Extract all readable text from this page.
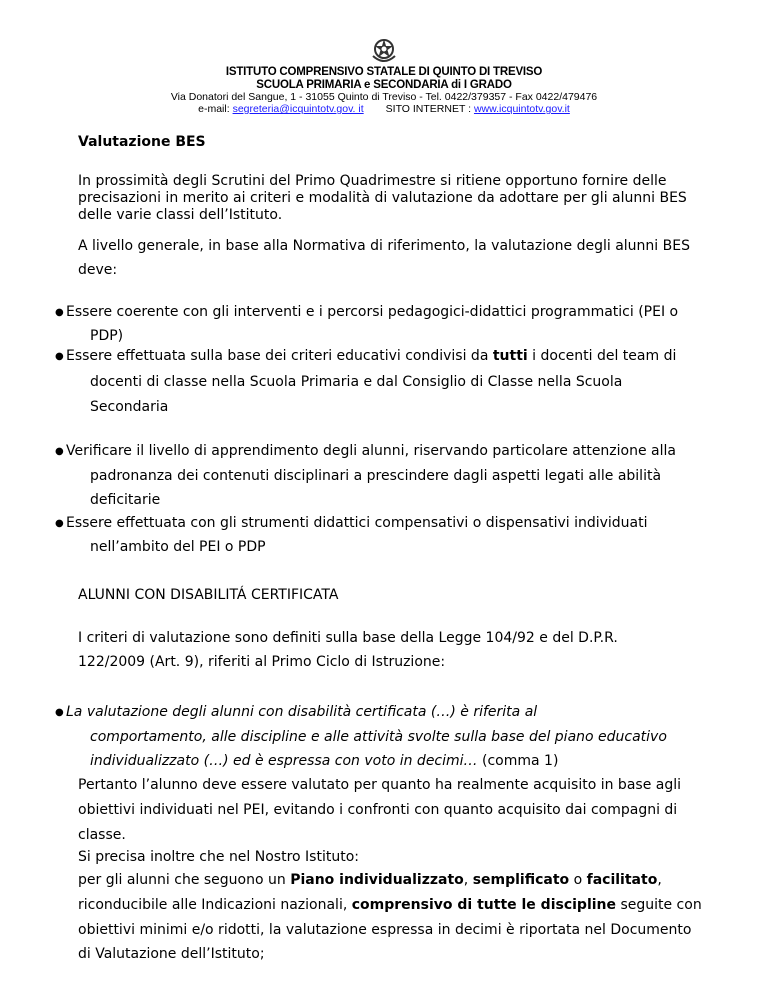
ISTITUTO COMPRENSIVO STATALE DI QUINTO DI TREVISO
SCUOLA PRIMARIA e SECONDARIA di I GRADO
Via Donatori del Sangue, 1 - 31055 Quinto di Treviso - Tel. 0422/379357 - Fax 0422/479476
e-mail: segreteria@icquintotv.gov. it SITO INTERNET : www.icquintotv.gov.it
Valutazione BES
In prossimità degli Scrutini del Primo Quadrimestre si ritiene opportuno fornire delle
precisazioni in merito ai criteri e modalità di valutazione da adottare per gli alunni BES
delle varie classi dell’Istituto.
A livello generale, in base alla Normativa di riferimento, la valutazione degli alunni BES
deve:
● Essere coerente con gli interventi e i percorsi pedagogici-didattici programmatici (PEI o
PDP)
● Essere effettuata sulla base dei criteri educativi condivisi da tutti i docenti del team di
docenti di classe nella Scuola Primaria e dal Consiglio di Classe nella Scuola
Secondaria
● Verificare il livello di apprendimento degli alunni, riservando particolare attenzione alla
padronanza dei contenuti disciplinari a prescindere dagli aspetti legati alle abilità
deficitarie
● Essere effettuata con gli strumenti didattici compensativi o dispensativi individuati
nell’ambito del PEI o PDP
ALUNNI CON DISABILITÁ CERTIFICATA
I criteri di valutazione sono definiti sulla base della Legge 104/92 e del D.P.R.
122/2009 (Art. 9), riferiti al Primo Ciclo di Istruzione:
● La valutazione degli alunni con disabilità certificata (…) è riferita al
comportamento, alle discipline e alle attività svolte sulla base del piano educativo
individualizzato (…) ed è espressa con voto in decimi… (comma 1)
Pertanto l’alunno deve essere valutato per quanto ha realmente acquisito in base agli
obiettivi individuati nel PEI, evitando i confronti con quanto acquisito dai compagni di
classe.
Si precisa inoltre che nel Nostro Istituto:
per gli alunni che seguono un Piano individualizzato, semplificato o facilitato,
riconducibile alle Indicazioni nazionali, comprensivo di tutte le discipline seguite con
obiettivi minimi e/o ridotti, la valutazione espressa in decimi è riportata nel Documento
di Valutazione dell’Istituto;
